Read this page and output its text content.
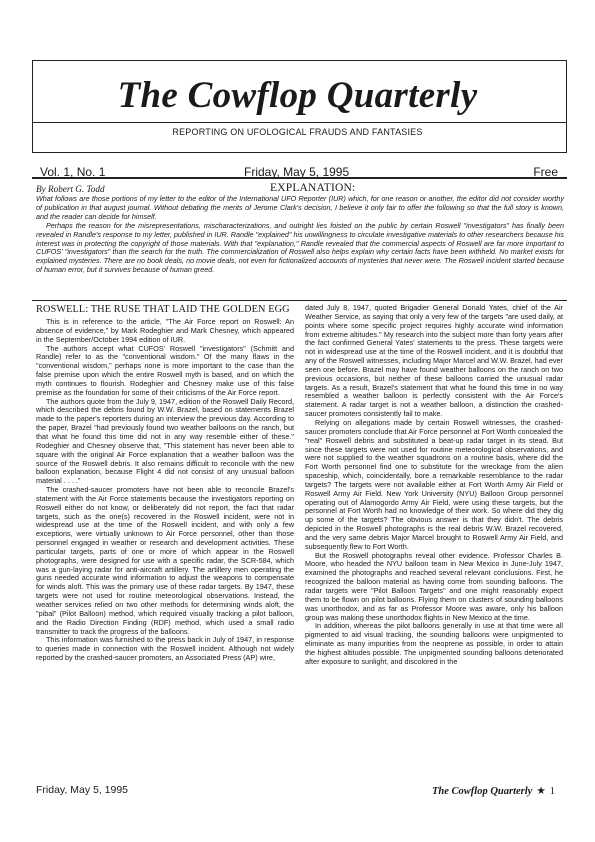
The Cowflop Quarterly
REPORTING ON UFOLOGICAL FRAUDS AND FANTASIES
Vol. 1, No. 1	Friday, May 5, 1995	Free
By Robert G. Todd	EXPLANATION:

What follows are those portions of my letter to the editor of the International UFO Reporter (IUR) which, for one reason or another, the editor did not consider worthy of publication in that august journal. Without debating the merits of Jerome Clark's decision, I believe it only fair to offer the following so that the full story is known, and the reader can decide for himself.

Perhaps the reason for the misrepresentations, mischaracterizations, and outright lies foisted on the public by certain Roswell "investigators" has finally been revealed in Randle's response to my letter, published in IUR. Randle "explained" his unwillingness to circulate investigative materials to other researchers because his interest was in protecting the copyright of those materials. With that "explanation," Randle revealed that the commercial aspects of Roswell are far more important to CUFOS' "investigators" than the search for the truth. The commercialization of Roswell also helps explain why certain facts have been withheld. No market exists for explained mysteries. There are no book deals, no movie deals, not even for fictionalized accounts of mysteries that never were. The Roswell incident started because of human error, but it survives because of human greed.

ROSWELL: THE RUSE THAT LAID THE GOLDEN EGG

This is in reference to the article, "The Air Force report on Roswell: An absence of evidence," by Mark Rodeghier and Mark Chesney, which appeared in the September/October 1994 edition of IUR.

The authors accept what CUFOS' Roswell "investigators" (Schmitt and Randle) refer to as the "conventional wisdom." Of the many flaws in the "conventional wisdom," perhaps none is more important to the case than the false premise upon which the entire Roswell myth is based, and on which the myth continues to flourish. Rodeghier and Chesney make use of this false premise as the foundation for some of their criticisms of the Air Force report.

The authors quote from the July 9, 1947, edition of the Roswell Daily Record, which described the debris found by W.W. Brazel, based on statements Brazel made to the paper's reporters during an interview the previous day. According to the paper, Brazel "had previously found two weather balloons on the ranch, but that what he found this time did not in any way resemble either of these." Rodeghier and Chesney observe that, "This statement has never been able to square with the original Air Force explanation that a weather balloon was the source of the Roswell debris. It also remains difficult to reconcile with the new balloon explanation, because Flight 4 did not consist of any unusual balloon material . . . ."

The crashed-saucer promoters have not been able to reconcile Brazel's statement with the Air Force statements because the investigators reporting on Roswell either do not know, or deliberately did not report, the fact that radar targets, such as the one(s) recovered in the Roswell incident, were not in widespread use at the time of the Roswell incident, and with only a few exceptions, were virtually unknown to Air Force personnel, other than those personnel engaged in weather or research and development activities. These particular targets, parts of one or more of which appear in the Roswell photographs, were designed for use with a specific radar, the SCR-584, which was a gun-laying radar for anti-aircraft artillery. The artillery men operating the guns needed accurate wind information to adjust the weapons to compensate for winds aloft. This was the primary use of these radar targets. By 1947, these targets were not used for routine meteorological observations. Instead, the weather services relied on two other methods for determining winds aloft, the "pibal" (Pilot Balloon) method, which required visually tracking a pilot balloon, and the Radio Direction Finding (RDF) method, which used a small radio transmitter to track the progress of the balloons.

This information was furnished to the press back in July of 1947, in response to queries made in connection with the Roswell incident. Although not widely reported by the crashed-saucer promoters, an Associated Press (AP) wire,

dated July 8, 1947, quoted Brigadier General Donald Yates, chief of the Air Weather Service, as saying that only a very few of the targets "are used daily, at points where some specific project requires highly accurate wind information from extreme altitudes." My research into the subject more than forty years after the fact confirmed General Yates' statements to the press. These targets were not in widespread use at the time of the Roswell incident, and it is doubtful that any of the Roswell witnesses, including Major Marcel and W.W. Brazel, had ever seen one before. Brazel may have found weather balloons on the ranch on two previous occasions, but neither of these balloons carried the unusual radar targets. As a result, Brazel's statement that what he found this time in no way resembled a weather balloon is perfectly consistent with the Air Force's statement. A radar target is not a weather balloon, a distinction the crashed-saucer promoters consistently fail to make.

Relying on allegations made by certain Roswell witnesses, the crashed-saucer promoters conclude that Air Force personnel at Fort Worth concealed the "real" Roswell debris and substituted a beat-up radar target in its stead. But since these targets were not used for routine meteorological observations, and were not supplied to the weather squadrons on a routine basis, where did the Fort Worth personnel find one to substitute for the wreckage from the alien spaceship, which, coincidentally, bore a remarkable resemblance to the radar targets? The targets were not available either at Fort Worth Army Air Field or Roswell Army Air Field. New York University (NYU) Balloon Group personnel operating out of Alamogordo Army Air Field, were using these targets, but the personnel at Fort Worth had no knowledge of their work. So where did they dig up some of the targets? The obvious answer is that they didn't. The debris depicted in the Roswell photographs is the real debris W.W. Brazel recovered, and the very same debris Major Marcel brought to Roswell Army Air Field, and subsequently flew to Fort Worth.

But the Roswell photographs reveal other evidence. Professor Charles B. Moore, who headed the NYU balloon team in New Mexico in June-July 1947, examined the photographs and reached several relevant conclusions. First, he recognized the balloon material as having come from sounding balloons. The radar targets were "Pilot Balloon Targets" and one might reasonably expect them to be flown on pilot balloons. Flying them on clusters of sounding balloons was unorthodox, and as far as Professor Moore was aware, only his balloon group was making these unorthodox flights in New Mexico at the time.

In addition, whereas the pilot balloons generally in use at that time were all pigmented to aid visual tracking, the sounding balloons were unpigmented to eliminate as many impurities from the neoprene as possible, in order to attain the highest altitudes possible. The unpigmented sounding balloons deteriorated after exposure to sunlight, and discolored in the

Friday, May 5, 1995	The Cowflop Quarterly ★ 1
